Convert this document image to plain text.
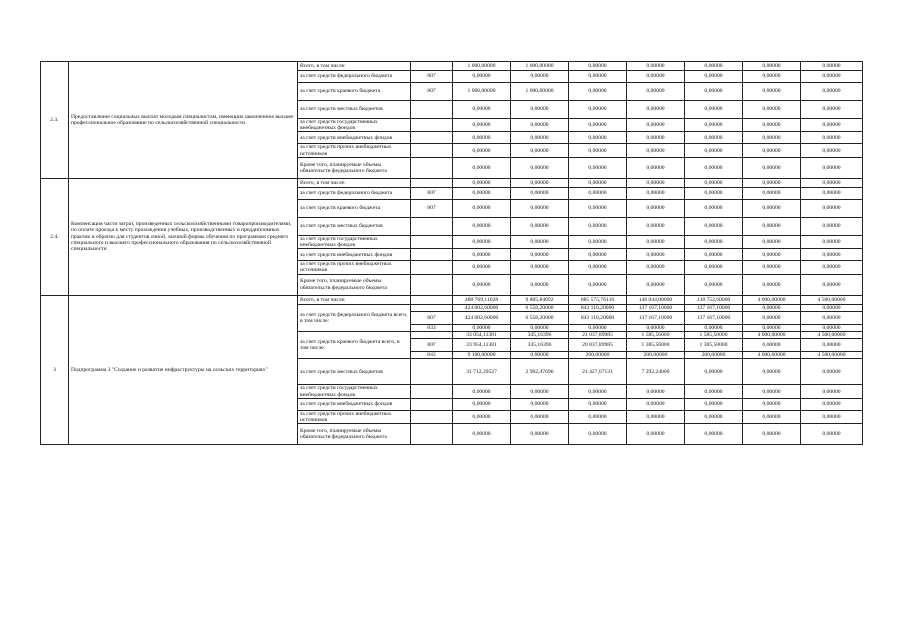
2.3.	Предоставление социальных выплат молодым специалистам, имеющим законченное высшее профессиональное образование по сельскохозяйственной специальности	Всего, в том числе:		1 000,00000	1 000,00000	0,00000	0,00000	0,00000	0,00000	0,00000
		за счет средств федерального бюджета	807	0,00000	0,00000	0,00000	0,00000	0,00000	0,00000	0,00000
		за счет средств краевого бюджета	807	1 000,00000	1 000,00000	0,00000	0,00000	0,00000	0,00000	0,00000
		за счет средств местных бюджетов		0,00000	0,00000	0,00000	0,00000	0,00000	0,00000	0,00000
		за счет средств государственных внебюджетных фондов		0,00000	0,00000	0,00000	0,00000	0,00000	0,00000	0,00000
		за счет средств внебюджетных фондов		0,00000	0,00000	0,00000	0,00000	0,00000	0,00000	0,00000
		за счет средств прочих внебюджетных источников		0,00000	0,00000	0,00000	0,00000	0,00000	0,00000	0,00000
		Кроме того, планируемые объемы обязательств федерального бюджета		0,00000	0,00000	0,00000	0,00000	0,00000	0,00000	0,00000
2.4.	Компенсация части затрат, произведенных сельскохозяйственными товаропроизводителями, по оплате проезда к месту прохождения учебных, производственных и преддипломных практик и обратно для студентов очной, заочной формы обучения по программам среднего специального и высшего профессионального образования по сельскохозяйственной специальности	Всего, в том числе:		0,00000	0,00000	0,00000	0,00000	0,00000	0,00000	0,00000
		за счет средств федерального бюджета	807	0,00000	0,00000	0,00000	0,00000	0,00000	0,00000	0,00000
		за счет средств краевого бюджета	807	0,00000	0,00000	0,00000	0,00000	0,00000	0,00000	0,00000
		за счет средств местных бюджетов		0,00000	0,00000	0,00000	0,00000	0,00000	0,00000	0,00000
		за счет средств государственных внебюджетных фондов		0,00000	0,00000	0,00000	0,00000	0,00000	0,00000	0,00000
		за счет средств внебюджетных фондов		0,00000	0,00000	0,00000	0,00000	0,00000	0,00000	0,00000
		за счет средств прочих внебюджетных источников		0,00000	0,00000	0,00000	0,00000	0,00000	0,00000	0,00000
		Кроме того, планируемые объемы обязательств федерального бюджета		0,00000	0,00000	0,00000	0,00000	0,00000	0,00000	0,00000
3	Подпрограмма 3 "Создание и развитие инфраструктуры на сельских территориях"	Всего, в том числе:		488 769,11028	9 805,84092	885 575,76116	146 044,00000	138 752,60000	4 000,00000	4 500,00000
		за счет средств федерального бюджета всего, в том числе:		424 002,60000	6 558,20000	843 110,20000	137 167,10000	137 167,10000	0,00000	0,00000
			807	424 002,60000	6 558,20000	843 110,20000	137 167,10000	137 167,10000	0,00000	0,00000
			833	0,00000	0,00000	0,00000	0,00000	0,00000	0,00000	0,00000
		за счет средств краевого бюджета всего, в том числе:		33 054,11381	345,16396	21 037,89985	1 585,56000	1 585,50000	4 000,00000	4 500,00000
			807	23 954,11381	345,16396	20 837,89985	1 385,56000	1 385,50000	0,00000	0,00000
			843	9 100,00000	0,00000	200,00000	200,00000	200,00000	4 000,00000	4 500,00000
		за счет средств местных бюджетов		31 712,39527	2 902,47696	21 427,67131	7 292,24000	0,00000	0,00000	0,00000
		за счет средств государственных внебюджетных фондов		0,00000	0,00000	0,00000	0,00000	0,00000	0,00000	0,00000
		за счет средств внебюджетных фондов		0,00000	0,00000	0,00000	0,00000	0,00000	0,00000	0,00000
		за счет средств прочих внебюджетных источников		0,00000	0,00000	0,00000	0,00000	0,00000	0,00000	0,00000
		Кроме того, планируемые объемы обязательств федерального бюджета		0,00000	0,00000	0,00000	0,00000	0,00000	0,00000	0,00000
